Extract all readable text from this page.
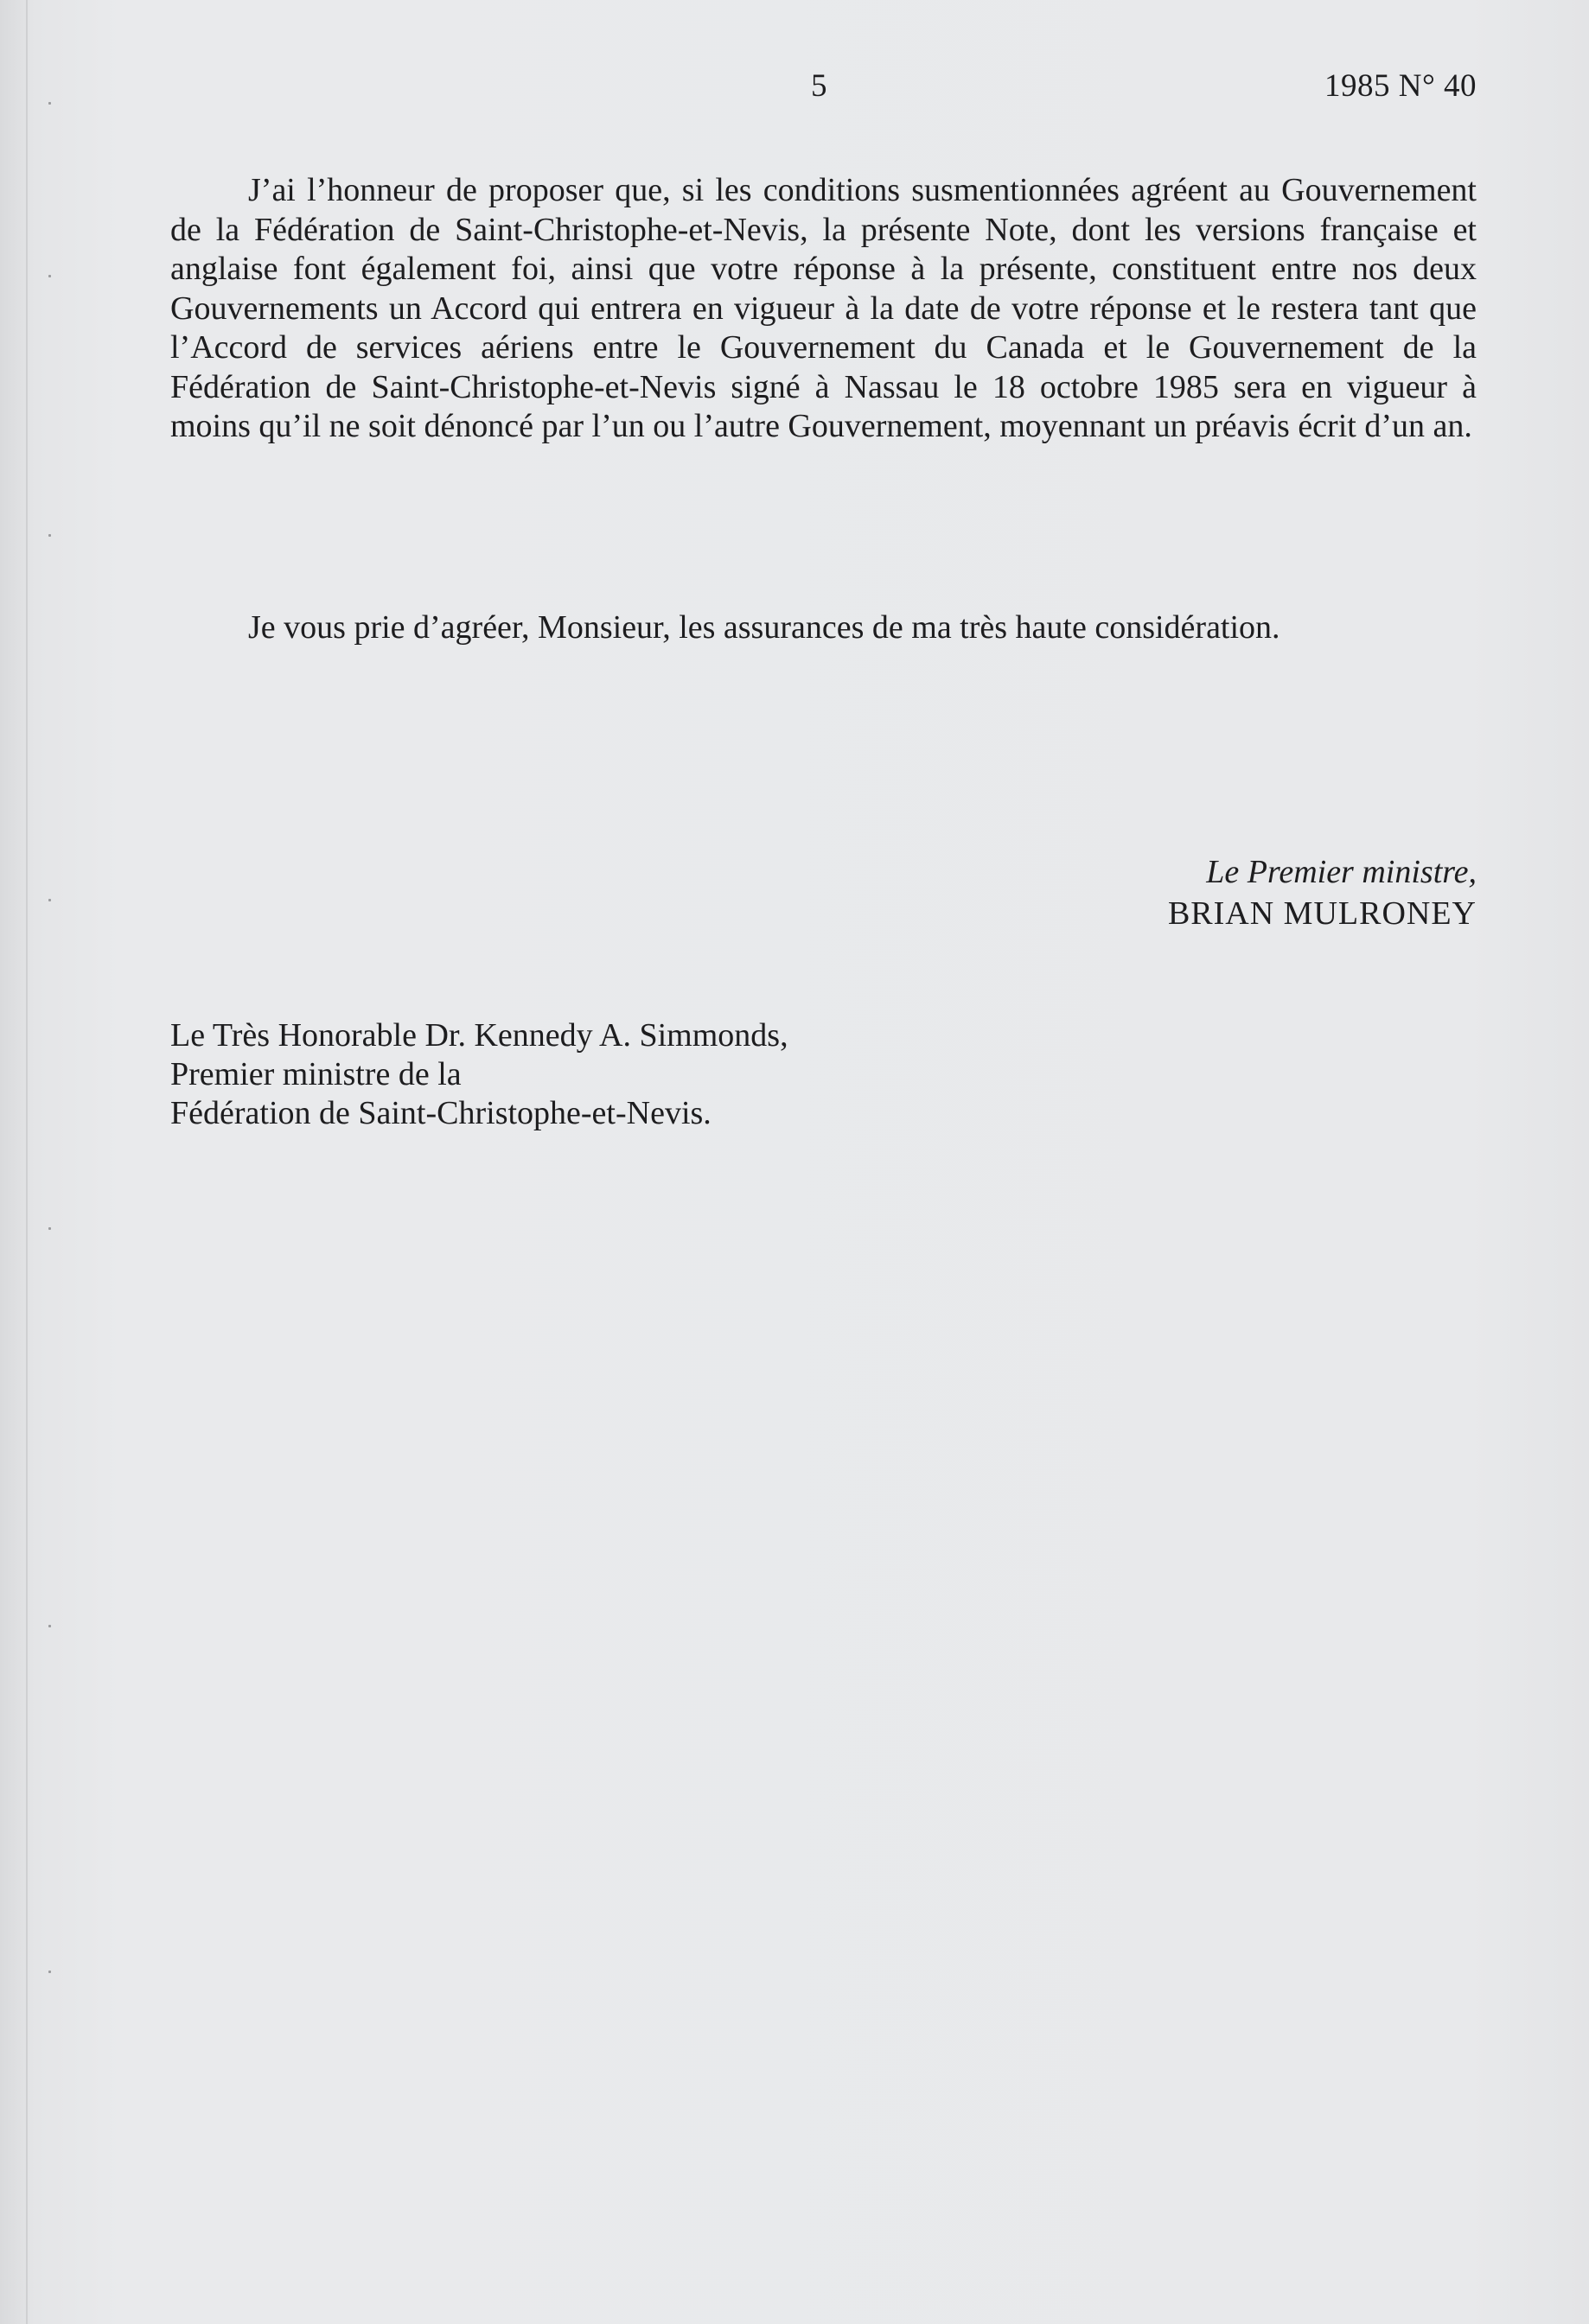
5	1985 N° 40
J’ai l’honneur de proposer que, si les conditions susmentionnées agréent au Gouvernement de la Fédération de Saint-Christophe-et-Nevis, la présente Note, dont les versions française et anglaise font également foi, ainsi que votre réponse à la présente, constituent entre nos deux Gouvernements un Accord qui entrera en vigueur à la date de votre réponse et le restera tant que l’Accord de services aériens entre le Gouvernement du Canada et le Gouvernement de la Fédération de Saint-Christophe-et-Nevis signé à Nassau le 18 octobre 1985 sera en vigueur à moins qu’il ne soit dénoncé par l’un ou l’autre Gouvernement, moyennant un préavis écrit d’un an.
Je vous prie d’agréer, Monsieur, les assurances de ma très haute considération.
Le Premier ministre,
BRIAN MULRONEY
Le Très Honorable Dr. Kennedy A. Simmonds,
Premier ministre de la
Fédération de Saint-Christophe-et-Nevis.
